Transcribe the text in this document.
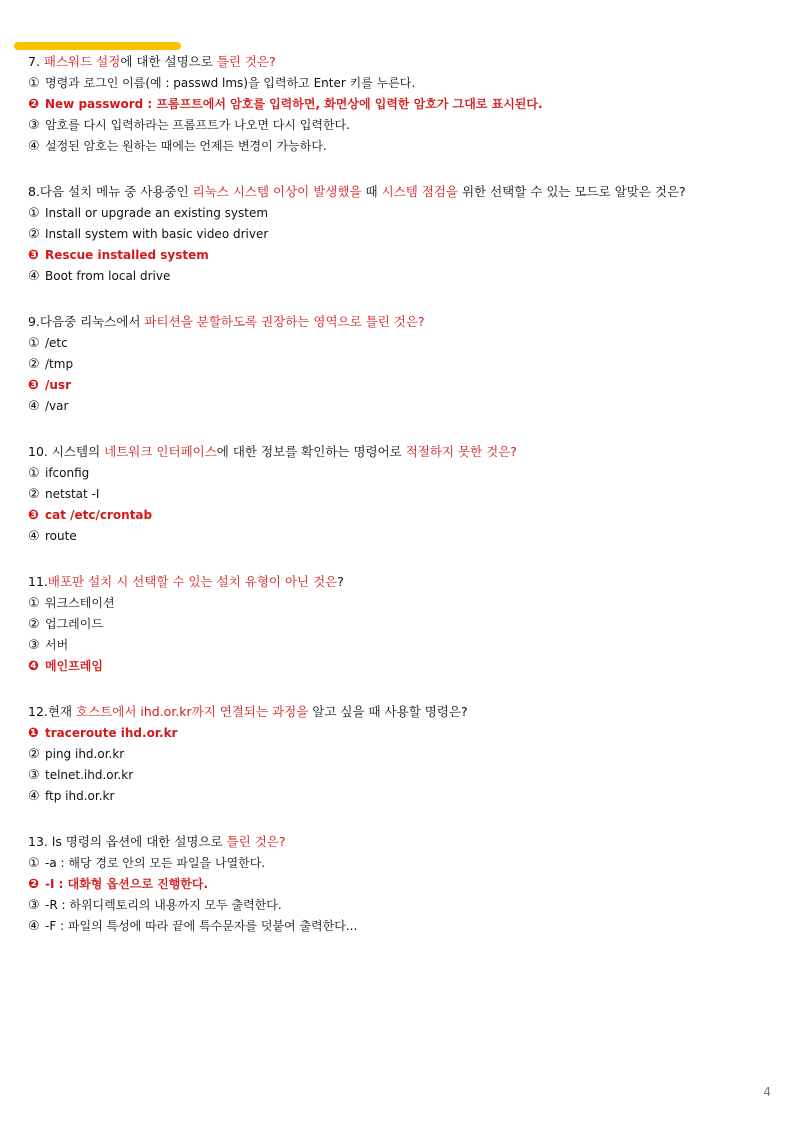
7. 패스워드 설정에 대한 설명으로 틀린 것은?
① 명령과 로그인 이름(예 : passwd lms)을 입력하고 Enter 키를 누른다.
❷ New password : 프롬프트에서 암호를 입력하면, 화면상에 입력한 암호가 그대로 표시된다.
③ 암호를 다시 입력하라는 프롬프트가 나오면 다시 입력한다.
④ 설정된 암호는 원하는 때에는 언제든 변경이 가능하다.
8.다음 설치 메뉴 중 사용중인 리눅스 시스템 이상이 발생했을 때 시스템 점검을 위한 선택할 수 있는 모드로 알맞은 것은?
① Install or upgrade an existing system
② Install system with basic video driver
❸ Rescue installed system
④ Boot from local drive
9.다음중 리눅스에서 파티션을 분할하도록 권장하는 영역으로 틀린 것은?
① /etc
② /tmp
❸ /usr
④ /var
10. 시스템의 네트워크 인터페이스에 대한 정보를 확인하는 명령어로 적절하지 못한 것은?
① ifconfig
② netstat -I
❸ cat /etc/crontab
④ route
11.배포판 설치 시 선택할 수 있는 설치 유형이 아닌 것은?
① 워크스테이션
② 업그레이드
③ 서버
❹ 메인프레임
12.현재 호스트에서 ihd.or.kr까지 연결되는 과정을 알고 싶을 때 사용할 명령은?
❶ traceroute ihd.or.kr
② ping ihd.or.kr
③ telnet.ihd.or.kr
④ ftp ihd.or.kr
13. ls 명령의 옵션에 대한 설명으로 틀린 것은?
① -a : 해당 경로 안의 모든 파일을 나열한다.
❷ -I : 대화형 옵션으로 진행한다.
③ -R : 하위디렉토리의 내용까지 모두 출력한다.
④ -F : 파일의 특성에 따라 끝에 특수문자를 덧붙여 출력한다...
4
